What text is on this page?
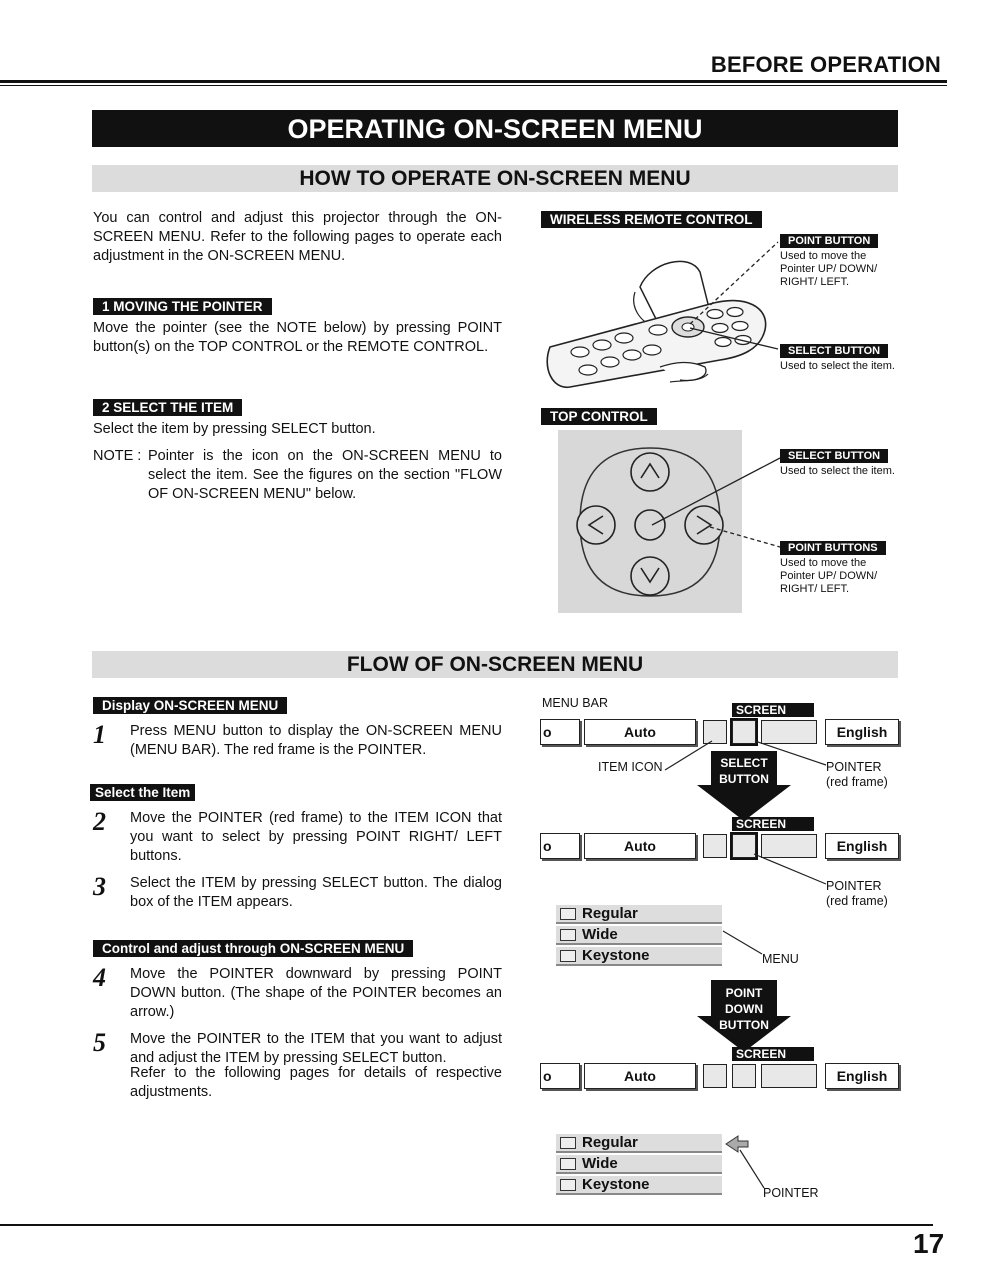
BEFORE OPERATION
OPERATING ON-SCREEN MENU
HOW TO OPERATE ON-SCREEN MENU
You can control and adjust this projector through the ON-SCREEN MENU. Refer to the following pages to operate each adjustment in the ON-SCREEN MENU.
1 MOVING THE POINTER
Move the pointer (see the NOTE below) by pressing POINT button(s) on the TOP CONTROL or the REMOTE CONTROL.
2 SELECT THE ITEM
Select the item by pressing SELECT button.
NOTE : Pointer is the icon on the ON-SCREEN MENU to select the item. See the figures on the section "FLOW OF ON-SCREEN MENU" below.
WIRELESS REMOTE CONTROL
POINT BUTTON
Used to move the Pointer UP/ DOWN/ RIGHT/ LEFT.
SELECT BUTTON
Used to select the item.
TOP CONTROL
SELECT BUTTON
Used to select the item.
POINT BUTTONS
Used to move the Pointer UP/ DOWN/ RIGHT/ LEFT.
FLOW OF ON-SCREEN MENU
Display ON-SCREEN MENU
1 Press MENU button to display the ON-SCREEN MENU (MENU BAR). The red frame is the POINTER.
Select the Item
2 Move the POINTER (red frame) to the ITEM ICON that you want to select by pressing POINT RIGHT/ LEFT buttons.
3 Select the ITEM by pressing SELECT button. The dialog box of the ITEM appears.
Control and adjust through ON-SCREEN MENU
4 Move the POINTER downward by pressing POINT DOWN button. (The shape of the POINTER becomes an arrow.)
5 Move the POINTER to the ITEM that you want to adjust and adjust the ITEM by pressing SELECT button.
Refer to the following pages for details of respective adjustments.
MENU BAR	SCREEN
o	Auto	English
ITEM ICON	POINTER (red frame)
SELECT BUTTON
SCREEN
o	Auto	English
POINTER (red frame)
Regular
Wide
Keystone	MENU
POINT DOWN BUTTON
SCREEN
o	Auto	English
Regular
Wide
Keystone	POINTER
17
